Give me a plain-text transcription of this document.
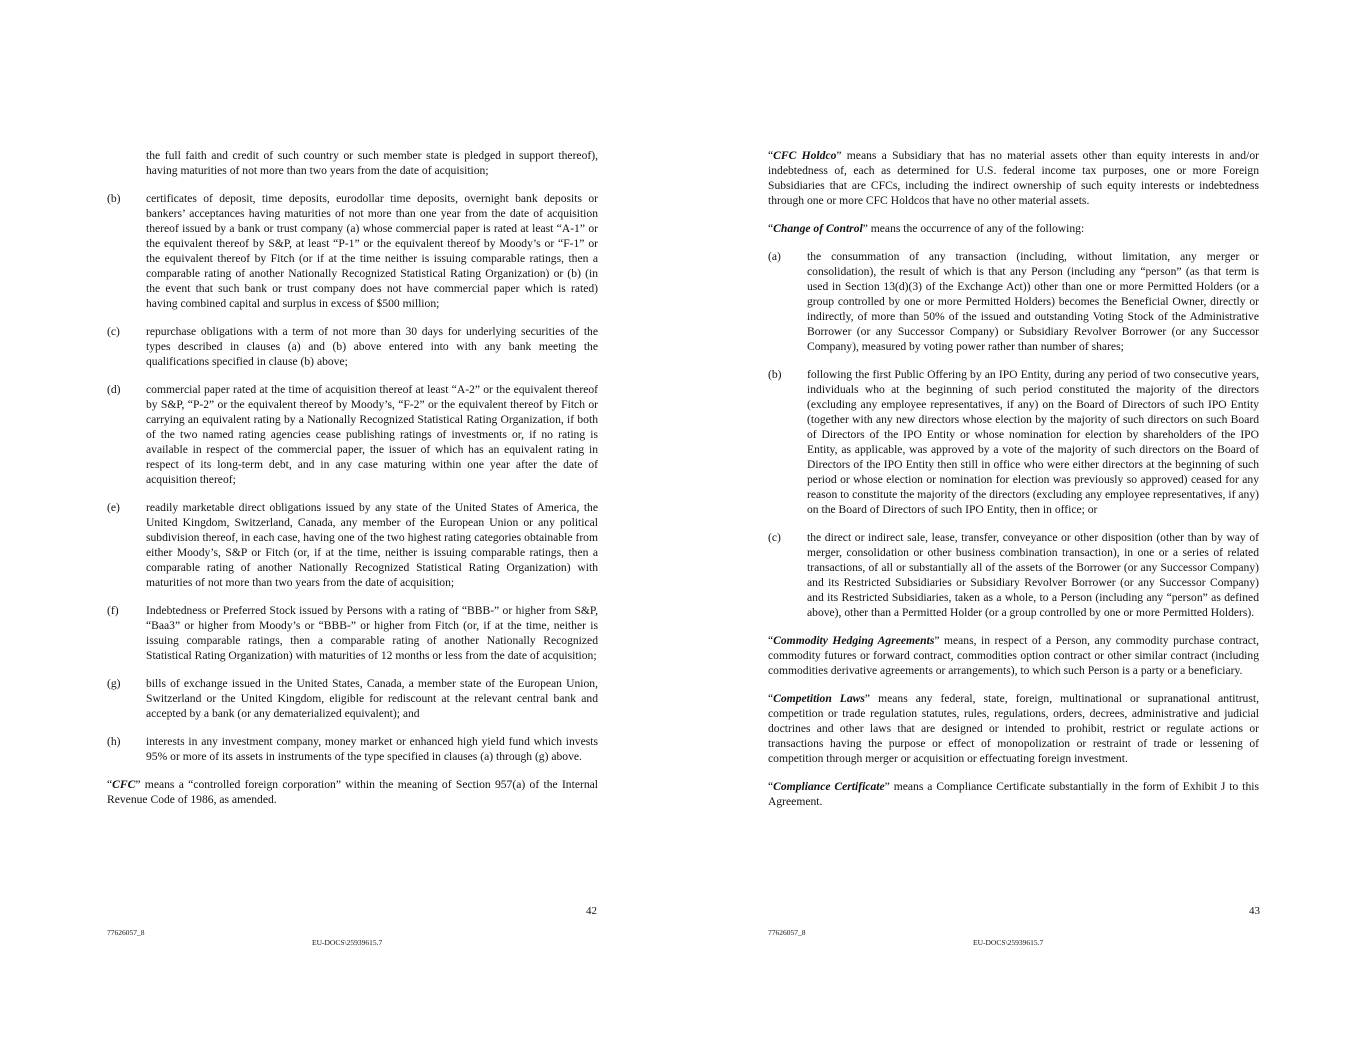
the full faith and credit of such country or such member state is pledged in support thereof), having maturities of not more than two years from the date of acquisition;

(b) certificates of deposit, time deposits, eurodollar time deposits, overnight bank deposits or bankers’ acceptances having maturities of not more than one year from the date of acquisition thereof issued by a bank or trust company (a) whose commercial paper is rated at least “A-1” or the equivalent thereof by S&P, at least “P-1” or the equivalent thereof by Moody’s or “F-1” or the equivalent thereof by Fitch (or if at the time neither is issuing comparable ratings, then a comparable rating of another Nationally Recognized Statistical Rating Organization) or (b) (in the event that such bank or trust company does not have commercial paper which is rated) having combined capital and surplus in excess of $500 million;
(c) repurchase obligations with a term of not more than 30 days for underlying securities of the types described in clauses (a) and (b) above entered into with any bank meeting the qualifications specified in clause (b) above;
(d) commercial paper rated at the time of acquisition thereof at least “A-2” or the equivalent thereof by S&P, “P-2” or the equivalent thereof by Moody’s, “F-2” or the equivalent thereof by Fitch or carrying an equivalent rating by a Nationally Recognized Statistical Rating Organization, if both of the two named rating agencies cease publishing ratings of investments or, if no rating is available in respect of the commercial paper, the issuer of which has an equivalent rating in respect of its long-term debt, and in any case maturing within one year after the date of acquisition thereof;
(e) readily marketable direct obligations issued by any state of the United States of America, the United Kingdom, Switzerland, Canada, any member of the European Union or any political subdivision thereof, in each case, having one of the two highest rating categories obtainable from either Moody’s, S&P or Fitch (or, if at the time, neither is issuing comparable ratings, then a comparable rating of another Nationally Recognized Statistical Rating Organization) with maturities of not more than two years from the date of acquisition;
(f) Indebtedness or Preferred Stock issued by Persons with a rating of “BBB-” or higher from S&P, “Baa3” or higher from Moody’s or “BBB-” or higher from Fitch (or, if at the time, neither is issuing comparable ratings, then a comparable rating of another Nationally Recognized Statistical Rating Organization) with maturities of 12 months or less from the date of acquisition;
(g) bills of exchange issued in the United States, Canada, a member state of the European Union, Switzerland or the United Kingdom, eligible for rediscount at the relevant central bank and accepted by a bank (or any dematerialized equivalent); and
(h) interests in any investment company, money market or enhanced high yield fund which invests 95% or more of its assets in instruments of the type specified in clauses (a) through (g) above.

“CFC” means a “controlled foreign corporation” within the meaning of Section 957(a) of the Internal Revenue Code of 1986, as amended.

42
77626057_8
EU-DOCS\25939615.7

“CFC Holdco” means a Subsidiary that has no material assets other than equity interests in and/or indebtedness of, each as determined for U.S. federal income tax purposes, one or more Foreign Subsidiaries that are CFCs, including the indirect ownership of such equity interests or indebtedness through one or more CFC Holdcos that have no other material assets.

“Change of Control” means the occurrence of any of the following:

(a) the consummation of any transaction (including, without limitation, any merger or consolidation), the result of which is that any Person (including any “person” (as that term is used in Section 13(d)(3) of the Exchange Act)) other than one or more Permitted Holders (or a group controlled by one or more Permitted Holders) becomes the Beneficial Owner, directly or indirectly, of more than 50% of the issued and outstanding Voting Stock of the Administrative Borrower (or any Successor Company) or Subsidiary Revolver Borrower (or any Successor Company), measured by voting power rather than number of shares;
(b) following the first Public Offering by an IPO Entity, during any period of two consecutive years, individuals who at the beginning of such period constituted the majority of the directors (excluding any employee representatives, if any) on the Board of Directors of such IPO Entity (together with any new directors whose election by the majority of such directors on such Board of Directors of the IPO Entity or whose nomination for election by shareholders of the IPO Entity, as applicable, was approved by a vote of the majority of such directors on the Board of Directors of the IPO Entity then still in office who were either directors at the beginning of such period or whose election or nomination for election was previously so approved) ceased for any reason to constitute the majority of the directors (excluding any employee representatives, if any) on the Board of Directors of such IPO Entity, then in office; or
(c) the direct or indirect sale, lease, transfer, conveyance or other disposition (other than by way of merger, consolidation or other business combination transaction), in one or a series of related transactions, of all or substantially all of the assets of the Borrower (or any Successor Company) and its Restricted Subsidiaries or Subsidiary Revolver Borrower (or any Successor Company) and its Restricted Subsidiaries, taken as a whole, to a Person (including any “person” as defined above), other than a Permitted Holder (or a group controlled by one or more Permitted Holders).

“Commodity Hedging Agreements” means, in respect of a Person, any commodity purchase contract, commodity futures or forward contract, commodities option contract or other similar contract (including commodities derivative agreements or arrangements), to which such Person is a party or a beneficiary.

“Competition Laws” means any federal, state, foreign, multinational or supranational antitrust, competition or trade regulation statutes, rules, regulations, orders, decrees, administrative and judicial doctrines and other laws that are designed or intended to prohibit, restrict or regulate actions or transactions having the purpose or effect of monopolization or restraint of trade or lessening of competition through merger or acquisition or effectuating foreign investment.

“Compliance Certificate” means a Compliance Certificate substantially in the form of Exhibit J to this Agreement.

43
77626057_8
EU-DOCS\25939615.7
